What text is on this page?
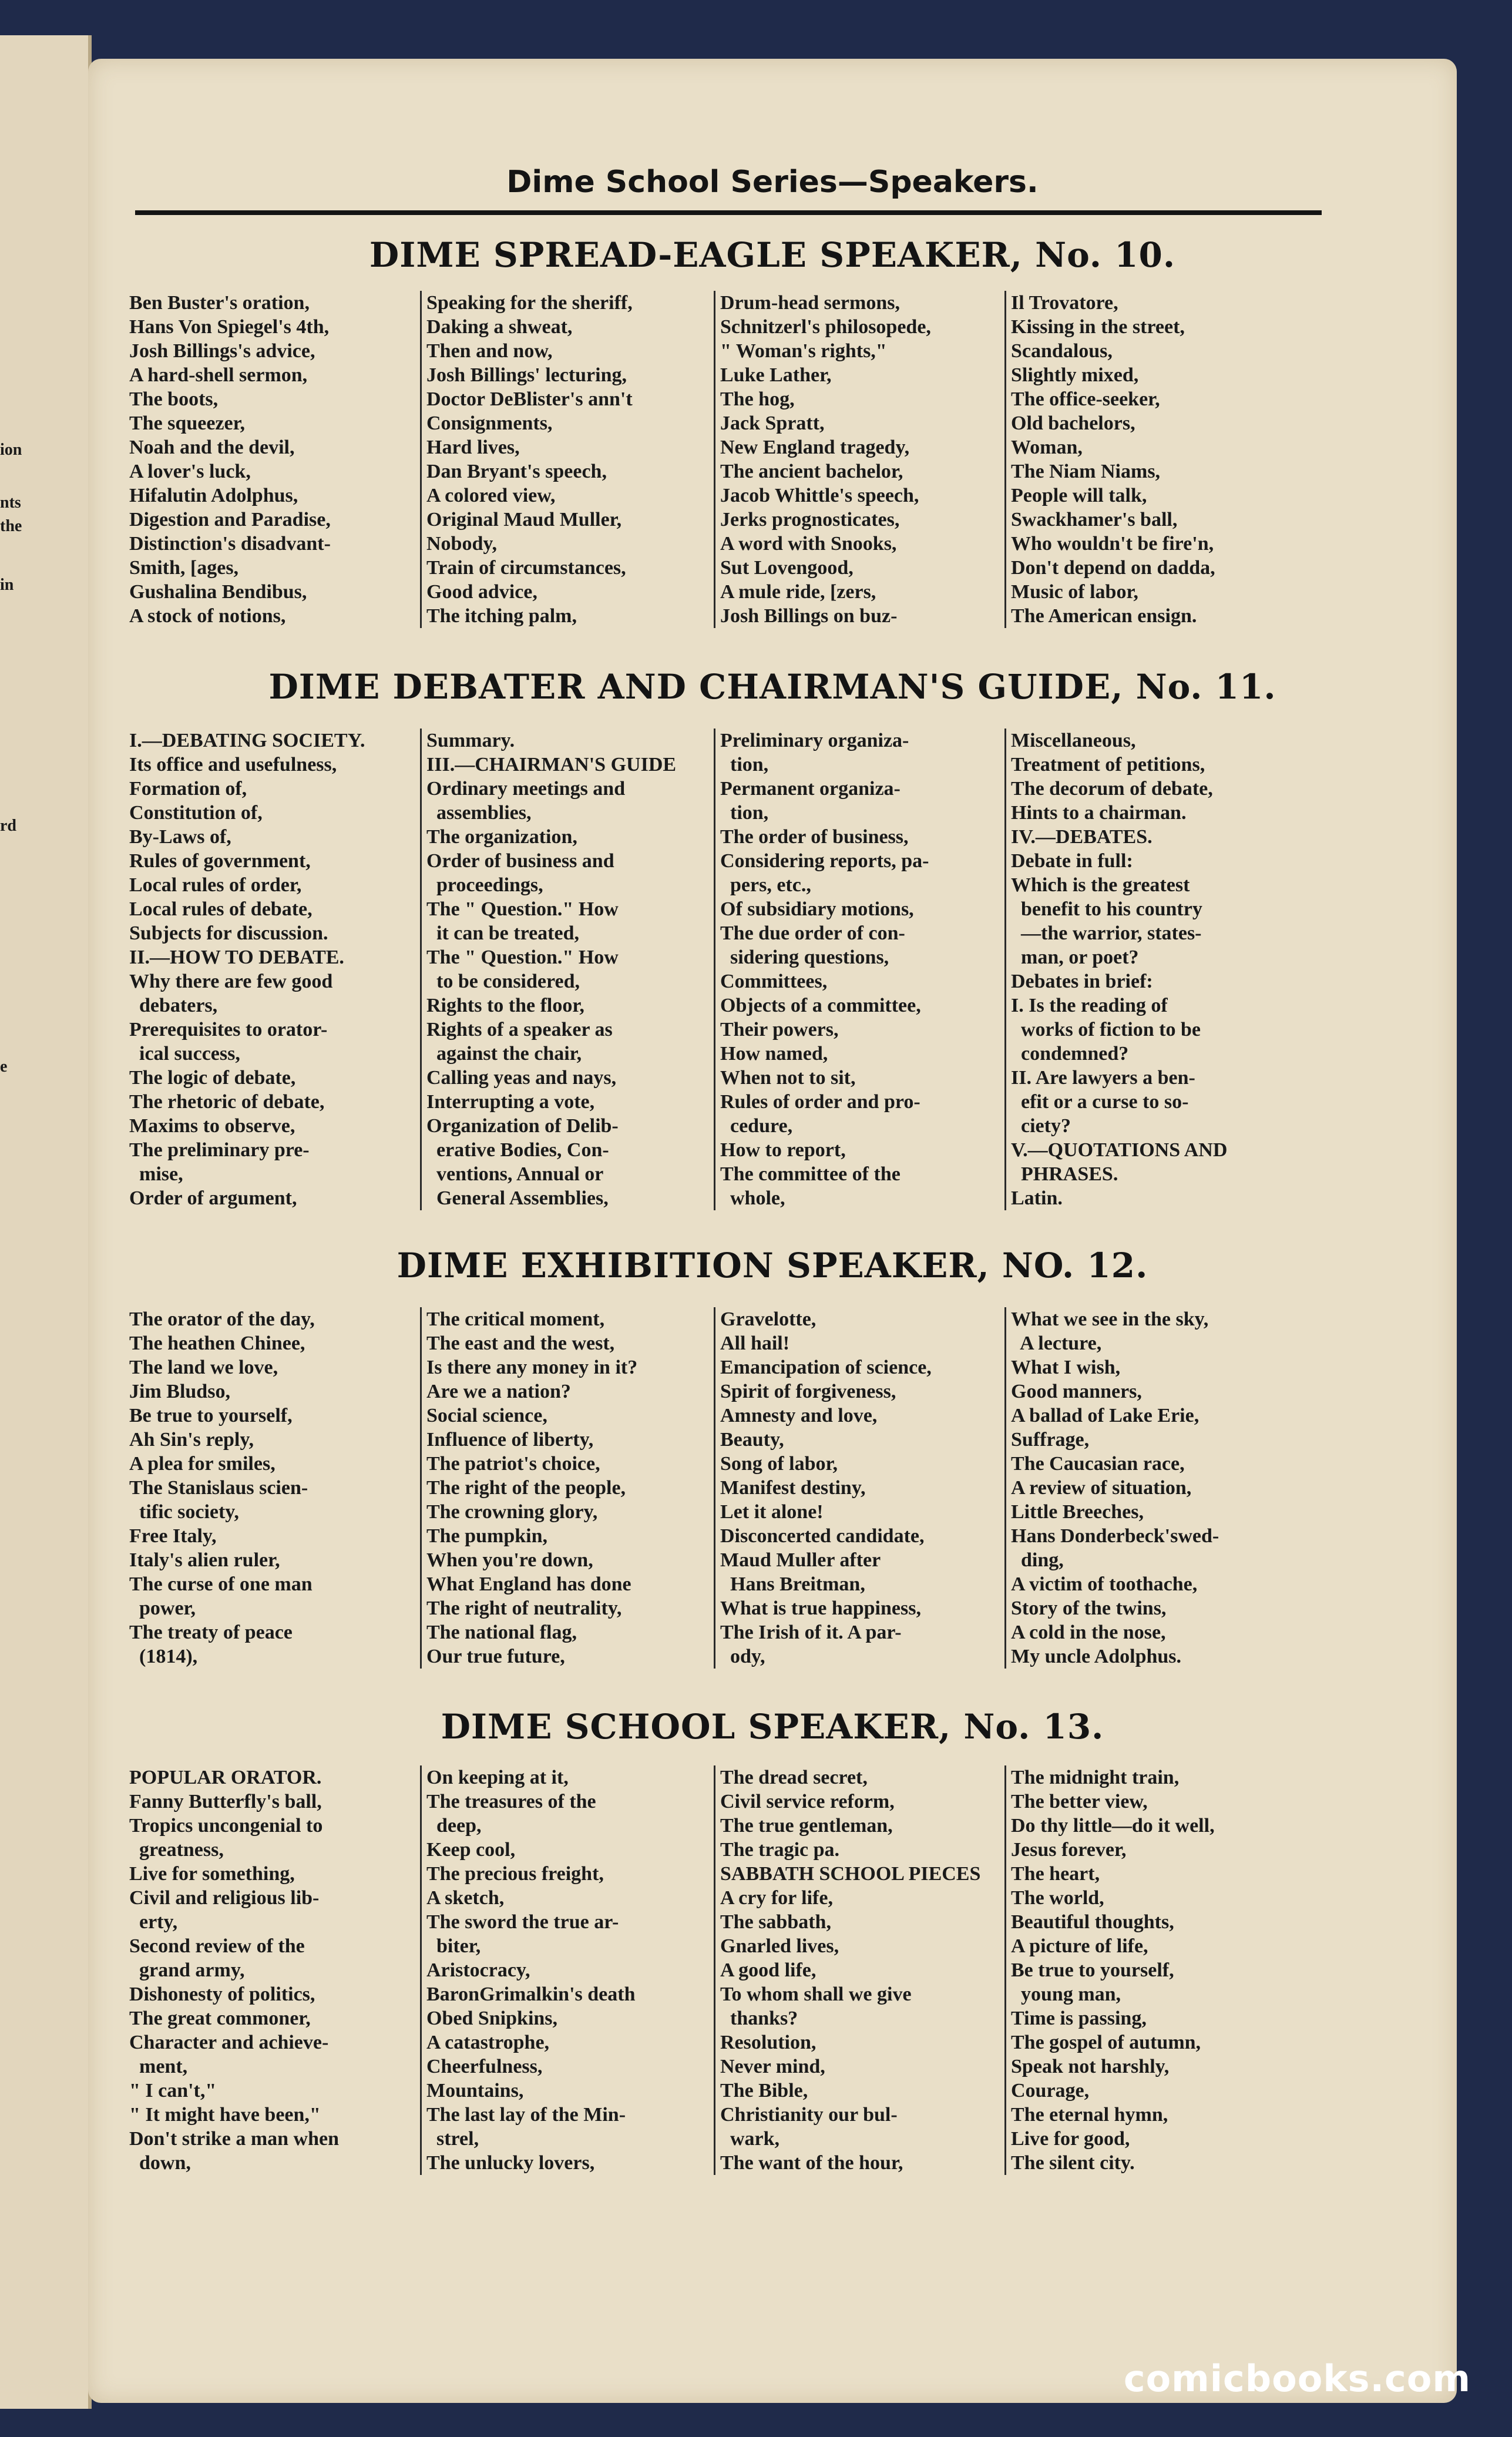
ion
nts
the
in
rd
e
Dime School Series—Speakers.
DIME SPREAD-EAGLE SPEAKER, No. 10.
Ben Buster's oration,
Hans Von Spiegel's 4th,
Josh Billings's advice,
A hard-shell sermon,
The boots,
The squeezer,
Noah and the devil,
A lover's luck,
Hifalutin Adolphus,
Digestion and Paradise,
Distinction's disadvant-
Smith, [ages,
Gushalina Bendibus,
A stock of notions,
Speaking for the sheriff,
Daking a shweat,
Then and now,
Josh Billings' lecturing,
Doctor DeBlister's ann't
Consignments,
Hard lives,
Dan Bryant's speech,
A colored view,
Original Maud Muller,
Nobody,
Train of circumstances,
Good advice,
The itching palm,
Drum-head sermons,
Schnitzerl's philosopede,
" Woman's rights,"
Luke Lather,
The hog,
Jack Spratt,
New England tragedy,
The ancient bachelor,
Jacob Whittle's speech,
Jerks prognosticates,
A word with Snooks,
Sut Lovengood,
A mule ride, [zers,
Josh Billings on buz-
Il Trovatore,
Kissing in the street,
Scandalous,
Slightly mixed,
The office-seeker,
Old bachelors,
Woman,
The Niam Niams,
People will talk,
Swackhamer's ball,
Who wouldn't be fire'n,
Don't depend on dadda,
Music of labor,
The American ensign.
DIME DEBATER AND CHAIRMAN'S GUIDE, No. 11.
I.—DEBATING SOCIETY.
Its office and usefulness,
Formation of,
Constitution of,
By-Laws of,
Rules of government,
Local rules of order,
Local rules of debate,
Subjects for discussion.
II.—HOW TO DEBATE.
Why there are few good
debaters,
Prerequisites to orator-
ical success,
The logic of debate,
The rhetoric of debate,
Maxims to observe,
The preliminary pre-
mise,
Order of argument,
Summary.
III.—CHAIRMAN'S GUIDE
Ordinary meetings and
assemblies,
The organization,
Order of business and
proceedings,
The " Question." How
it can be treated,
The " Question." How
to be considered,
Rights to the floor,
Rights of a speaker as
against the chair,
Calling yeas and nays,
Interrupting a vote,
Organization of Delib-
erative Bodies, Con-
ventions, Annual or
General Assemblies,
Preliminary organiza-
tion,
Permanent organiza-
tion,
The order of business,
Considering reports, pa-
pers, etc.,
Of subsidiary motions,
The due order of con-
sidering questions,
Committees,
Objects of a committee,
Their powers,
How named,
When not to sit,
Rules of order and pro-
cedure,
How to report,
The committee of the
whole,
Miscellaneous,
Treatment of petitions,
The decorum of debate,
Hints to a chairman.
IV.—DEBATES.
Debate in full:
Which is the greatest
benefit to his country
—the warrior, states-
man, or poet?
Debates in brief:
I. Is the reading of
works of fiction to be
condemned?
II. Are lawyers a ben-
efit or a curse to so-
ciety?
V.—QUOTATIONS AND
PHRASES.
Latin.
DIME EXHIBITION SPEAKER, NO. 12.
The orator of the day,
The heathen Chinee,
The land we love,
Jim Bludso,
Be true to yourself,
Ah Sin's reply,
A plea for smiles,
The Stanislaus scien-
tific society,
Free Italy,
Italy's alien ruler,
The curse of one man
power,
The treaty of peace
(1814),
The critical moment,
The east and the west,
Is there any money in it?
Are we a nation?
Social science,
Influence of liberty,
The patriot's choice,
The right of the people,
The crowning glory,
The pumpkin,
When you're down,
What England has done
The right of neutrality,
The national flag,
Our true future,
Gravelotte,
All hail!
Emancipation of science,
Spirit of forgiveness,
Amnesty and love,
Beauty,
Song of labor,
Manifest destiny,
Let it alone!
Disconcerted candidate,
Maud Muller after
Hans Breitman,
What is true happiness,
The Irish of it. A par-
ody,
What we see in the sky,
A lecture,
What I wish,
Good manners,
A ballad of Lake Erie,
Suffrage,
The Caucasian race,
A review of situation,
Little Breeches,
Hans Donderbeck'swed-
ding,
A victim of toothache,
Story of the twins,
A cold in the nose,
My uncle Adolphus.
DIME SCHOOL SPEAKER, No. 13.
POPULAR ORATOR.
Fanny Butterfly's ball,
Tropics uncongenial to
greatness,
Live for something,
Civil and religious lib-
erty,
Second review of the
grand army,
Dishonesty of politics,
The great commoner,
Character and achieve-
ment,
" I can't,"
" It might have been,"
Don't strike a man when
down,
On keeping at it,
The treasures of the
deep,
Keep cool,
The precious freight,
A sketch,
The sword the true ar-
biter,
Aristocracy,
BaronGrimalkin's death
Obed Snipkins,
A catastrophe,
Cheerfulness,
Mountains,
The last lay of the Min-
strel,
The unlucky lovers,
The dread secret,
Civil service reform,
The true gentleman,
The tragic pa.
SABBATH SCHOOL PIECES
A cry for life,
The sabbath,
Gnarled lives,
A good life,
To whom shall we give
thanks?
Resolution,
Never mind,
The Bible,
Christianity our bul-
wark,
The want of the hour,
The midnight train,
The better view,
Do thy little—do it well,
Jesus forever,
The heart,
The world,
Beautiful thoughts,
A picture of life,
Be true to yourself,
young man,
Time is passing,
The gospel of autumn,
Speak not harshly,
Courage,
The eternal hymn,
Live for good,
The silent city.
comicbooks.com
